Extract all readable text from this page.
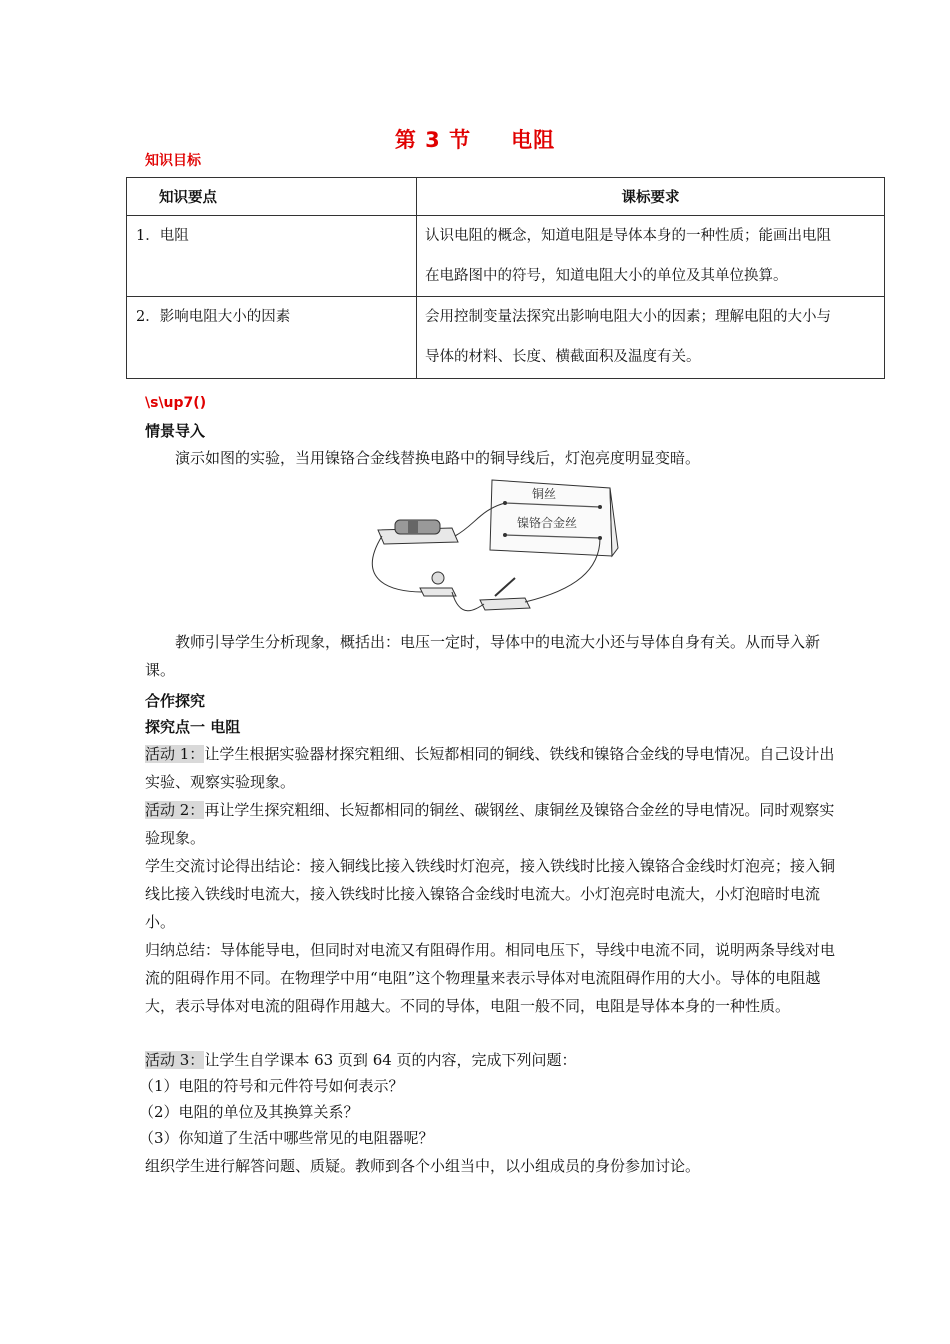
第 3 节 电阻
知识目标
知识要点	课标要求
1．电阻	认识电阻的概念，知道电阻是导体本身的一种性质；能画出电阻
在电路图中的符号，知道电阻大小的单位及其单位换算。

2．影响电阻大小的因素	会用控制变量法探究出影响电阻大小的因素；理解电阻的大小与
导体的材料、长度、横截面积及温度有关。
\s\up7()
情景导入
演示如图的实验，当用镍铬合金线替换电路中的铜导线后，灯泡亮度明显变暗。
铜丝
镍铬合金丝
教师引导学生分析现象，概括出：电压一定时，导体中的电流大小还与导体自身有关。从而导入新课。
合作探究
探究点一 电阻
活动 1：让学生根据实验器材探究粗细、长短都相同的铜线、铁线和镍铬合金线的导电情况。自己设计出实验、观察实验现象。
活动 2：再让学生探究粗细、长短都相同的铜丝、碳钢丝、康铜丝及镍铬合金丝的导电情况。同时观察实验现象。
学生交流讨论得出结论：接入铜线比接入铁线时灯泡亮，接入铁线时比接入镍铬合金线时灯泡亮；接入铜线比接入铁线时电流大，接入铁线时比接入镍铬合金线时电流大。小灯泡亮时电流大，小灯泡暗时电流小。
归纳总结：导体能导电，但同时对电流又有阻碍作用。相同电压下，导线中电流不同，说明两条导线对电流的阻碍作用不同。在物理学中用“电阻”这个物理量来表示导体对电流阻碍作用的大小。导体的电阻越大，表示导体对电流的阻碍作用越大。不同的导体，电阻一般不同，电阻是导体本身的一种性质。
活动 3：让学生自学课本 63 页到 64 页的内容，完成下列问题：
（1）电阻的符号和元件符号如何表示？
（2）电阻的单位及其换算关系？
（3）你知道了生活中哪些常见的电阻器呢？
组织学生进行解答问题、质疑。教师到各个小组当中，以小组成员的身份参加讨论。
